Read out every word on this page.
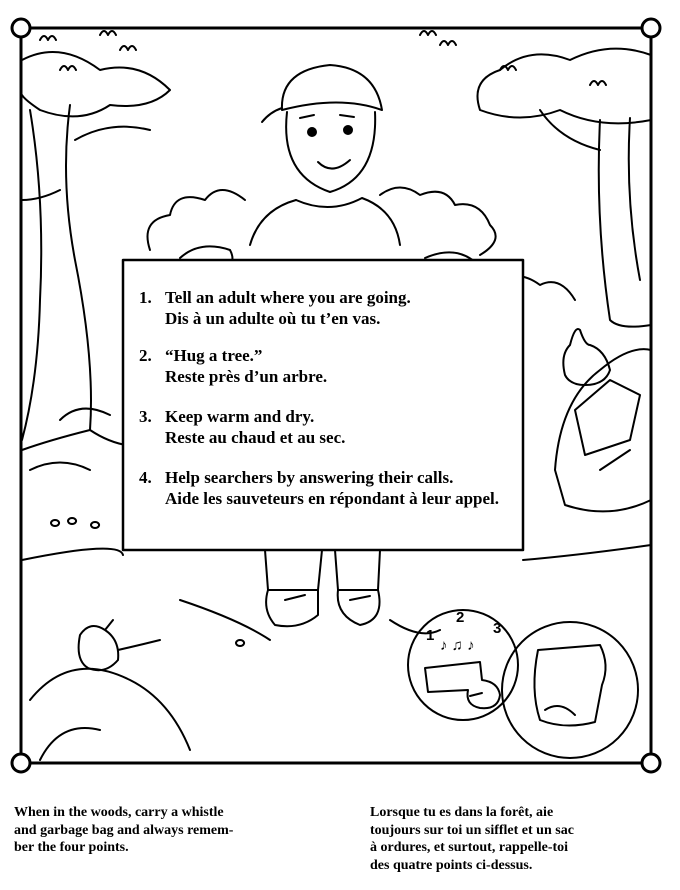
1
2
3
♪ ♫ ♪
1. Tell an adult where you are going.
Dis à un adulte où tu t’en vas.
2. “Hug a tree.”
Reste près d’un arbre.
3. Keep warm and dry.
Reste au chaud et au sec.
4. Help searchers by answering their calls.
Aide les sauveteurs en répondant à leur appel.
When in the woods, carry a whistle
and garbage bag and always remem-
ber the four points.
Lorsque tu es dans la forêt, aie
toujours sur toi un sifflet et un sac
à ordures, et surtout, rappelle-toi
des quatre points ci-dessus.
